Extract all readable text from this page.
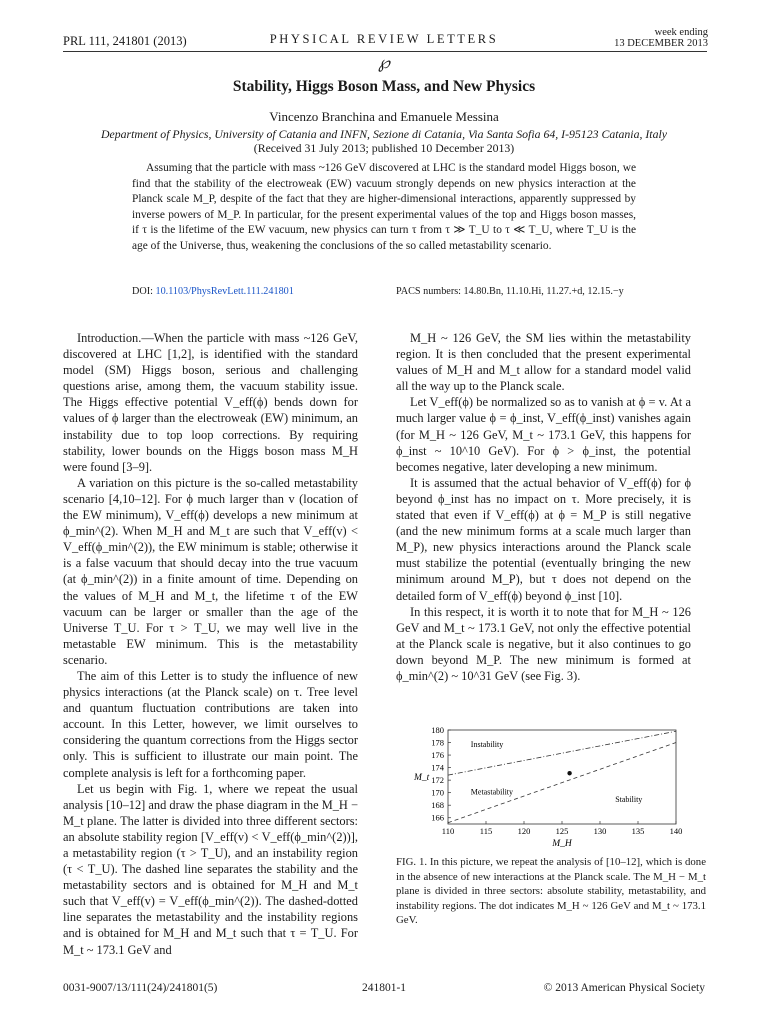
PRL 111, 241801 (2013)	PHYSICAL REVIEW LETTERS	week ending
13 DECEMBER 2013
℘
Stability, Higgs Boson Mass, and New Physics
Vincenzo Branchina and Emanuele Messina
Department of Physics, University of Catania and INFN, Sezione di Catania, Via Santa Sofia 64, I-95123 Catania, Italy
(Received 31 July 2013; published 10 December 2013)
Assuming that the particle with mass ~126 GeV discovered at LHC is the standard model Higgs boson, we find that the stability of the electroweak (EW) vacuum strongly depends on new physics interaction at the Planck scale M_P, despite of the fact that they are higher-dimensional interactions, apparently suppressed by inverse powers of M_P. In particular, for the present experimental values of the top and Higgs boson masses, if τ is the lifetime of the EW vacuum, new physics can turn τ from τ ≫ T_U to τ ≪ T_U, where T_U is the age of the Universe, thus, weakening the conclusions of the so called metastability scenario.
DOI: 10.1103/PhysRevLett.111.241801	PACS numbers: 14.80.Bn, 11.10.Hi, 11.27.+d, 12.15.−y

Introduction.—When the particle with mass ~126 GeV, discovered at LHC [1,2], is identified with the standard model (SM) Higgs boson, serious and challenging questions arise, among them, the vacuum stability issue. The Higgs effective potential V_eff(ϕ) bends down for values of ϕ larger than the electroweak (EW) minimum, an instability due to top loop corrections. By requiring stability, lower bounds on the Higgs boson mass M_H were found [3–9].

A variation on this picture is the so-called metastability scenario [4,10–12]. For ϕ much larger than v (location of the EW minimum), V_eff(ϕ) develops a new minimum at ϕ_min^(2). When M_H and M_t are such that V_eff(v) < V_eff(ϕ_min^(2)), the EW minimum is stable; otherwise it is a false vacuum that should decay into the true vacuum (at ϕ_min^(2)) in a finite amount of time. Depending on the values of M_H and M_t, the lifetime τ of the EW vacuum can be larger or smaller than the age of the Universe T_U. For τ > T_U, we may well live in the metastable EW minimum. This is the metastability scenario.

The aim of this Letter is to study the influence of new physics interactions (at the Planck scale) on τ. Tree level and quantum fluctuation contributions are taken into account. In this Letter, however, we limit ourselves to considering the quantum corrections from the Higgs sector only. This is sufficient to illustrate our main point. The complete analysis is left for a forthcoming paper.

Let us begin with Fig. 1, where we repeat the usual analysis [10–12] and draw the phase diagram in the M_H − M_t plane. The latter is divided into three different sectors: an absolute stability region [V_eff(v) < V_eff(ϕ_min^(2))], a metastability region (τ > T_U), and an instability region (τ < T_U). The dashed line separates the stability and the metastability sectors and is obtained for M_H and M_t such that V_eff(v) = V_eff(ϕ_min^(2)). The dashed-dotted line separates the metastability and the instability regions and is obtained for M_H and M_t such that τ = T_U. For M_t ~ 173.1 GeV and

M_H ~ 126 GeV, the SM lies within the metastability region. It is then concluded that the present experimental values of M_H and M_t allow for a standard model valid all the way up to the Planck scale.

Let V_eff(ϕ) be normalized so as to vanish at ϕ = v. At a much larger value ϕ = ϕ_inst, V_eff(ϕ_inst) vanishes again (for M_H ~ 126 GeV, M_t ~ 173.1 GeV, this happens for ϕ_inst ~ 10^10 GeV). For ϕ > ϕ_inst, the potential becomes negative, later developing a new minimum.

It is assumed that the actual behavior of V_eff(ϕ) for ϕ beyond ϕ_inst has no impact on τ. More precisely, it is stated that even if V_eff(ϕ) at ϕ = M_P is still negative (and the new minimum forms at a scale much larger than M_P), new physics interactions around the Planck scale must stabilize the potential (eventually bringing the new minimum around M_P), but τ does not depend on the detailed form of V_eff(ϕ) beyond ϕ_inst [10].

In this respect, it is worth it to note that for M_H ~ 126 GeV and M_t ~ 173.1 GeV, not only the effective potential at the Planck scale is negative, but it also continues to go down beyond M_P. The new minimum is formed at ϕ_min^(2) ~ 10^31 GeV (see Fig. 3).

110	115	120	125	130	135	140
166
168
170
172
174
176
178
180
M_H
M_t
Instability
Metastability
Stability
FIG. 1. In this picture, we repeat the analysis of [10–12], which is done in the absence of new interactions at the Planck scale. The M_H − M_t plane is divided in three sectors: absolute stability, metastability, and instability regions. The dot indicates M_H ~ 126 GeV and M_t ~ 173.1 GeV.
0031-9007/13/111(24)/241801(5)	241801-1	© 2013 American Physical Society
